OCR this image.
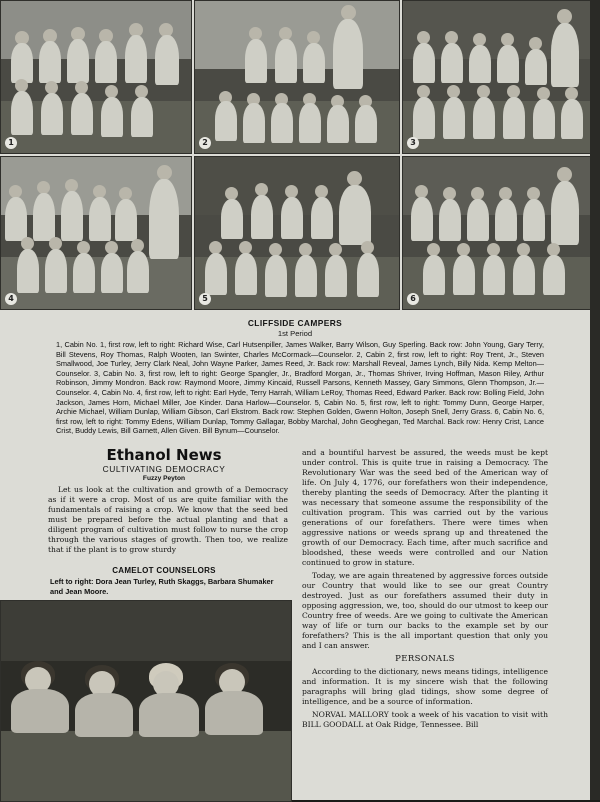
1	2	3
4	5	6
CLIFFSIDE CAMPERS
1st Period
1, Cabin No. 1, first row, left to right: Richard Wise, Carl Hutsenpiller, James Walker, Barry Wilson, Guy Sperling. Back row: John Young, Gary Terry, Bill Stevens, Roy Thomas, Ralph Wooten, Ian Swinter, Charles McCormack—Counselor. 2, Cabin 2, first row, left to right: Roy Trent, Jr., Steven Smallwood, Joe Turley, Jerry Clark Neal, John Wayne Parker, James Reed, Jr. Back row: Marshall Reveal, James Lynch, Billy Nida. Kemp Melton—Counselor. 3, Cabin No. 3, first row, left to right: George Spangler, Jr., Bradford Morgan, Jr., Thomas Shriver, Irving Hoffman, Mason Riley, Arthur Robinson, Jimmy Mondron. Back row: Raymond Moore, Jimmy Kincaid, Russell Parsons, Kenneth Massey, Gary Simmons, Glenn Thompson, Jr.—Counselor. 4, Cabin No. 4, first row, left to right: Earl Hyde, Terry Harrah, William LeRoy, Thomas Reed, Edward Parker. Back row: Bolling Field, John Jackson, James Horn, Michael Miller, Joe Kinder. Dana Harlow—Counselor. 5, Cabin No. 5, first row, left to right: Tommy Dunn, George Harper, Archie Michael, William Dunlap, William Gibson, Carl Ekstrom. Back row: Stephen Golden, Gwenn Holton, Joseph Snell, Jerry Grass. 6, Cabin No. 6, first row, left to right: Tommy Edens, William Dunlap, Tommy Gallagar, Bobby Marchal, John Geoghegan, Ted Marchal. Back row: Henry Crist, Lance Crist, Buddy Lewis, Bill Garnett, Allen Given. Bill Bynum—Counselor.
Ethanol News
CULTIVATING DEMOCRACY
Fuzzy Peyton

Let us look at the cultivation and growth of a Democracy as if it were a crop. Most of us are quite familiar with the fundamentals of raising a crop. We know that the seed bed must be prepared before the actual planting and that a diligent program of cultivation must follow to nurse the crop through the various stages of growth. Then too, we realize that if the plant is to grow sturdy

CAMELOT COUNSELORS
Left to right: Dora Jean Turley, Ruth Skaggs, Barbara Shumaker and Jean Moore.

and a bountiful harvest be assured, the weeds must be kept under control. This is quite true in raising a Democracy. The Revolutionary War was the seed bed of the American way of life. On July 4, 1776, our forefathers won their independence, thereby planting the seeds of Democracy. After the planting it was necessary that someone assume the responsibility of the cultivation program. This was carried out by the various generations of our forefathers. There were times when aggressive nations or weeds sprang up and threatened the growth of our Democracy. Each time, after much sacrifice and bloodshed, these weeds were controlled and our Nation continued to grow in stature.

Today, we are again threatened by aggressive forces outside our Country that would like to see our great Country destroyed. Just as our forefathers assumed their duty in opposing aggression, we, too, should do our utmost to keep our Country free of weeds. Are we going to cultivate the American way of life or turn our backs to the example set by our forefathers? This is the all important question that only you and I can answer.

PERSONALS

According to the dictionary, news means tidings, intelligence and information. It is my sincere wish that the following paragraphs will bring glad tidings, show some degree of intelligence, and be a source of information.

NORVAL MALLORY took a week of his vacation to visit with BILL GOODALL at Oak Ridge, Tennessee. Bill
